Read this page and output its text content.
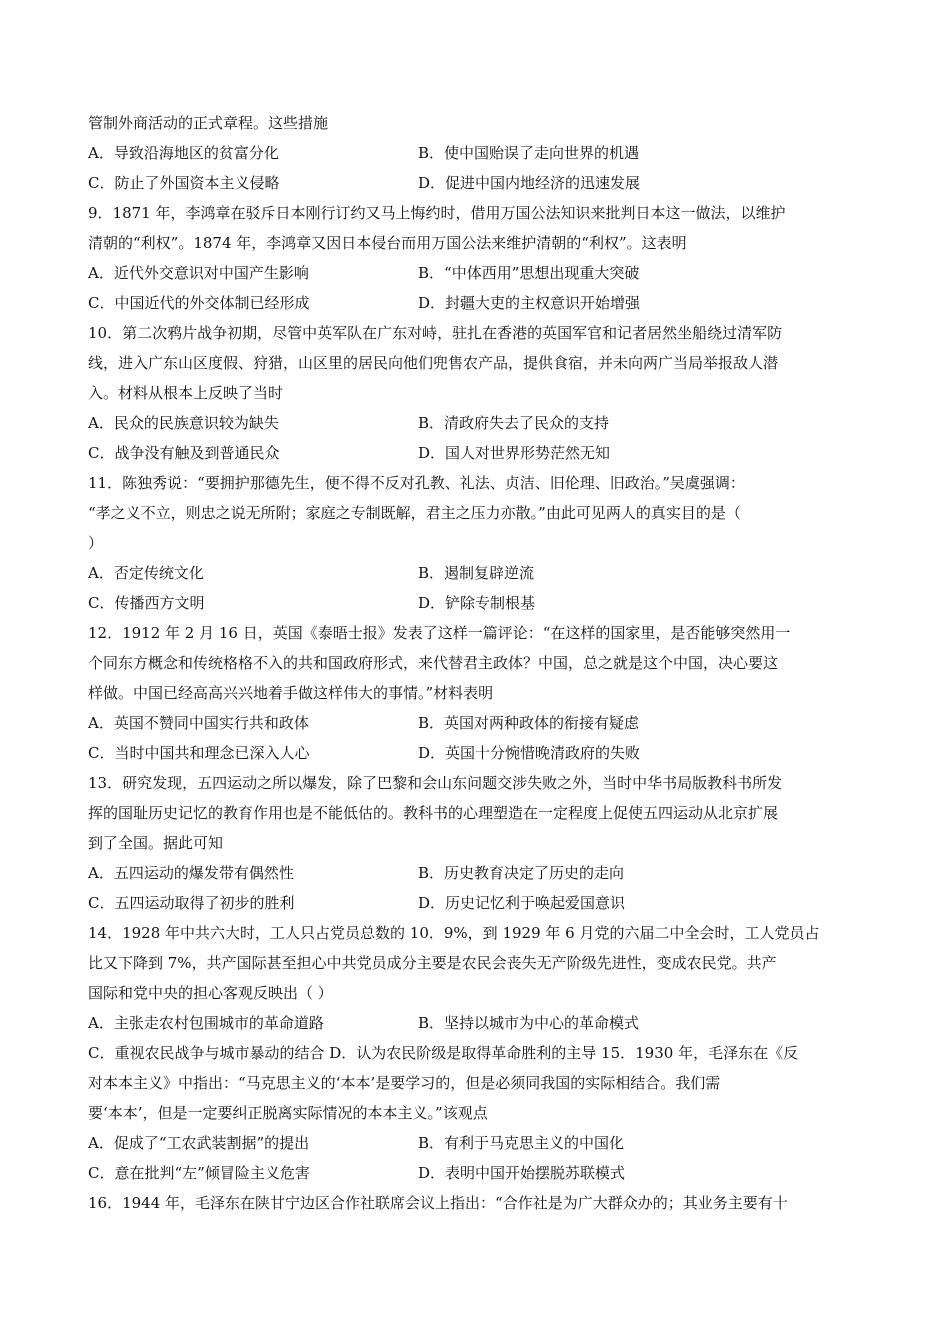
管制外商活动的正式章程。这些措施
A．导致沿海地区的贫富分化	B．使中国贻误了走向世界的机遇
C．防止了外国资本主义侵略	D．促进中国内地经济的迅速发展
9．1871 年，李鸿章在驳斥日本刚行订约又马上悔约时，借用万国公法知识来批判日本这一做法，以维护
清朝的“利权”。1874 年，李鸿章又因日本侵台而用万国公法来维护清朝的“利权”。这表明
A．近代外交意识对中国产生影响	B．“中体西用”思想出现重大突破
C．中国近代的外交体制已经形成	D．封疆大吏的主权意识开始增强
10．第二次鸦片战争初期，尽管中英军队在广东对峙，驻扎在香港的英国军官和记者居然坐船绕过清军防
线，进入广东山区度假、狩猎，山区里的居民向他们兜售农产品，提供食宿，并未向两广当局举报敌人潜
入。材料从根本上反映了当时
A．民众的民族意识较为缺失	B．清政府失去了民众的支持
C．战争没有触及到普通民众	D．国人对世界形势茫然无知
11．陈独秀说：“要拥护那德先生，便不得不反对孔教、礼法、贞洁、旧伦理、旧政治。”吴虞强调：
“孝之义不立，则忠之说无所附；家庭之专制既解，君主之压力亦散。”由此可见两人的真实目的是（
）
A．否定传统文化	B．遏制复辟逆流
C．传播西方文明	D．铲除专制根基
12．1912 年 2 月 16 日，英国《泰晤士报》发表了这样一篇评论：“在这样的国家里，是否能够突然用一
个同东方概念和传统格格不入的共和国政府形式，来代替君主政体？中国，总之就是这个中国，决心要这
样做。中国已经高高兴兴地着手做这样伟大的事情。”材料表明
A．英国不赞同中国实行共和政体	B．英国对两种政体的衔接有疑虑
C．当时中国共和理念已深入人心	D．英国十分惋惜晚清政府的失败
13．研究发现，五四运动之所以爆发，除了巴黎和会山东问题交涉失败之外，当时中华书局版教科书所发
挥的国耻历史记忆的教育作用也是不能低估的。教科书的心理塑造在一定程度上促使五四运动从北京扩展
到了全国。据此可知
A．五四运动的爆发带有偶然性	B．历史教育决定了历史的走向
C．五四运动取得了初步的胜利	D．历史记忆利于唤起爱国意识
14．1928 年中共六大时，工人只占党员总数的 10．9%，到 1929 年 6 月党的六届二中全会时，工人党员占
比又下降到 7%，共产国际甚至担心中共党员成分主要是农民会丧失无产阶级先进性，变成农民党。共产
国际和党中央的担心客观反映出（ ）
A．主张走农村包围城市的革命道路	B．坚持以城市为中心的革命模式
C．重视农民战争与城市暴动的结合 D．认为农民阶级是取得革命胜利的主导 15．1930 年，毛泽东在《反
对本本主义》中指出：“马克思主义的‘本本’是要学习的，但是必须同我国的实际相结合。我们需
要‘本本’，但是一定要纠正脱离实际情况的本本主义。”该观点
A．促成了“工农武装割据”的提出	B．有利于马克思主义的中国化
C．意在批判“左”倾冒险主义危害	D．表明中国开始摆脱苏联模式
16．1944 年，毛泽东在陕甘宁边区合作社联席会议上指出：“合作社是为广大群众办的；其业务主要有十
